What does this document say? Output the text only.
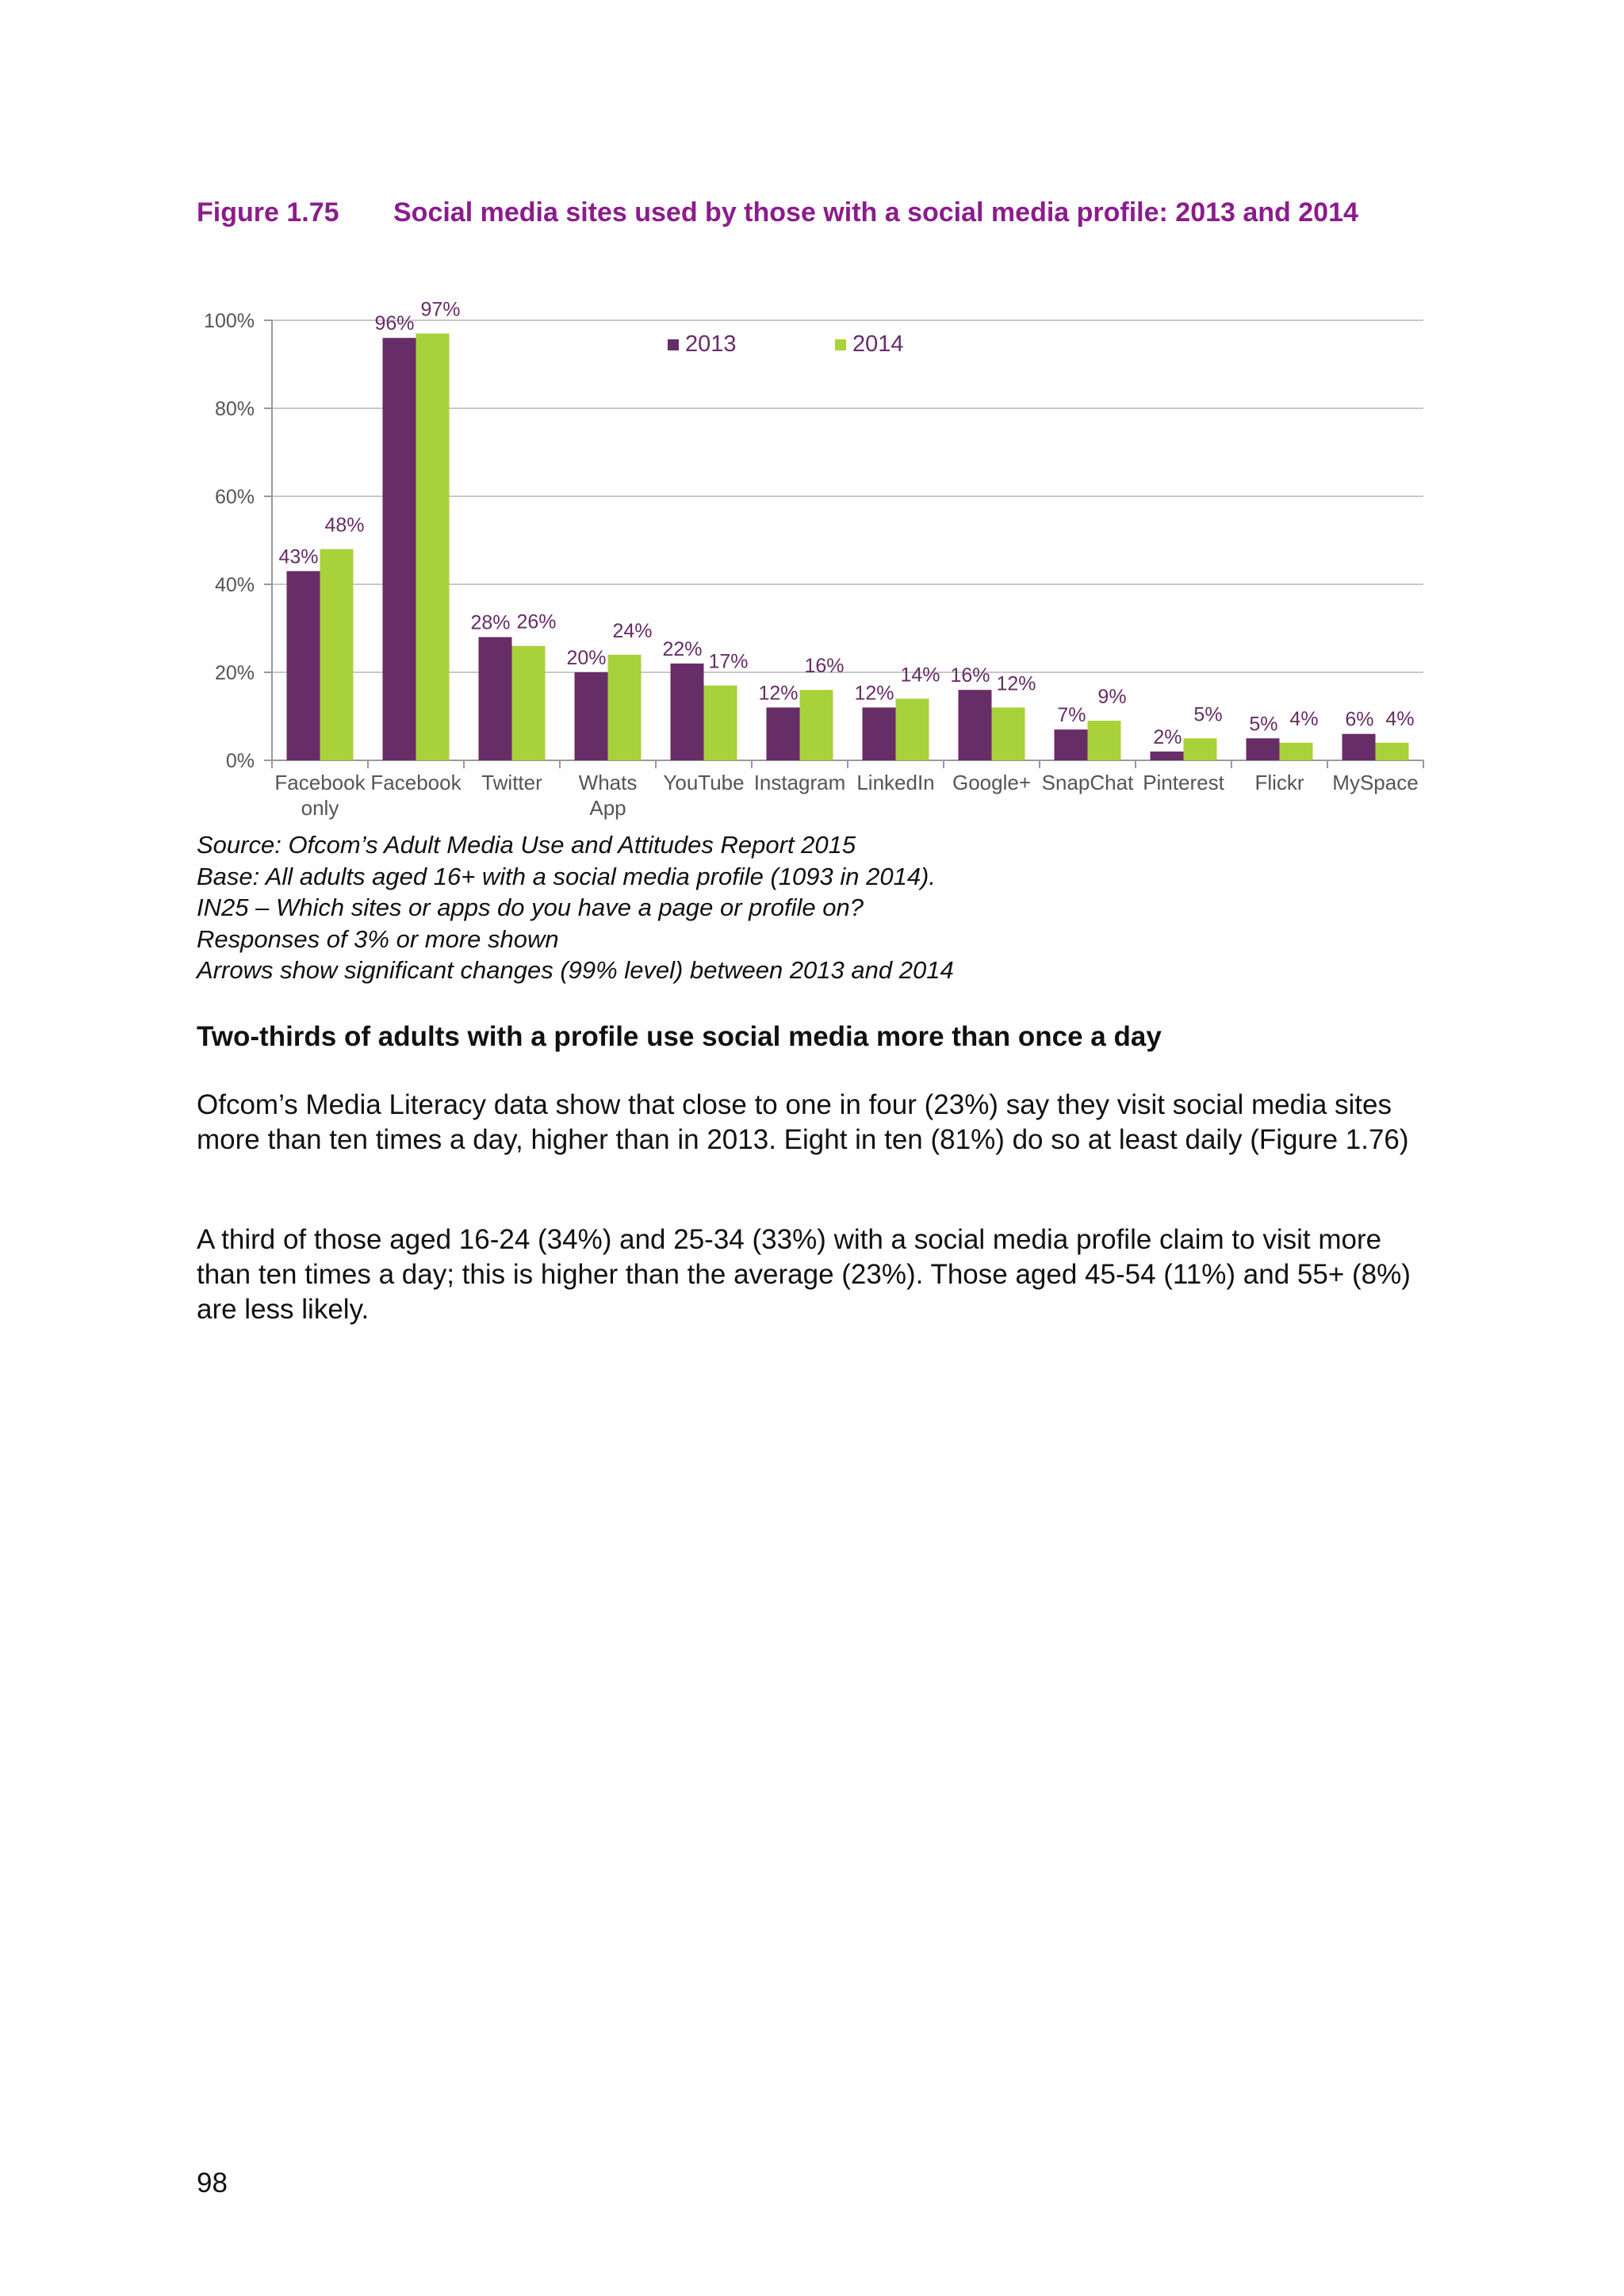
Figure 1.75 Social media sites used by those with a social media profile: 2013 and 2014
0%
20%
40%
60%
80%
100%
43%
96%
28%
20%	22%
12%	12%
16%
7%
2%
5%	6%
48%
97%
26%	24%
17%	16%	14%	12%
9%
5%	4%	4%
Facebook only
Facebook Twitter Whats App
YouTube Instagram LinkedIn Google+ SnapChat Pinterest Flickr MySpace
2013	2014
Source: Ofcom’s Adult Media Use and Attitudes Report 2015
Base: All adults aged 16+ with a social media profile (1093 in 2014).
IN25 – Which sites or apps do you have a page or profile on?
Responses of 3% or more shown
Arrows show significant changes (99% level) between 2013 and 2014
Two-thirds of adults with a profile use social media more than once a day

Ofcom’s Media Literacy data show that close to one in four (23%) say they visit social media sites more than ten times a day, higher than in 2013. Eight in ten (81%) do so at least daily (Figure 1.76)

A third of those aged 16-24 (34%) and 25-34 (33%) with a social media profile claim to visit more than ten times a day; this is higher than the average (23%). Those aged 45-54 (11%) and 55+ (8%) are less likely.

98
